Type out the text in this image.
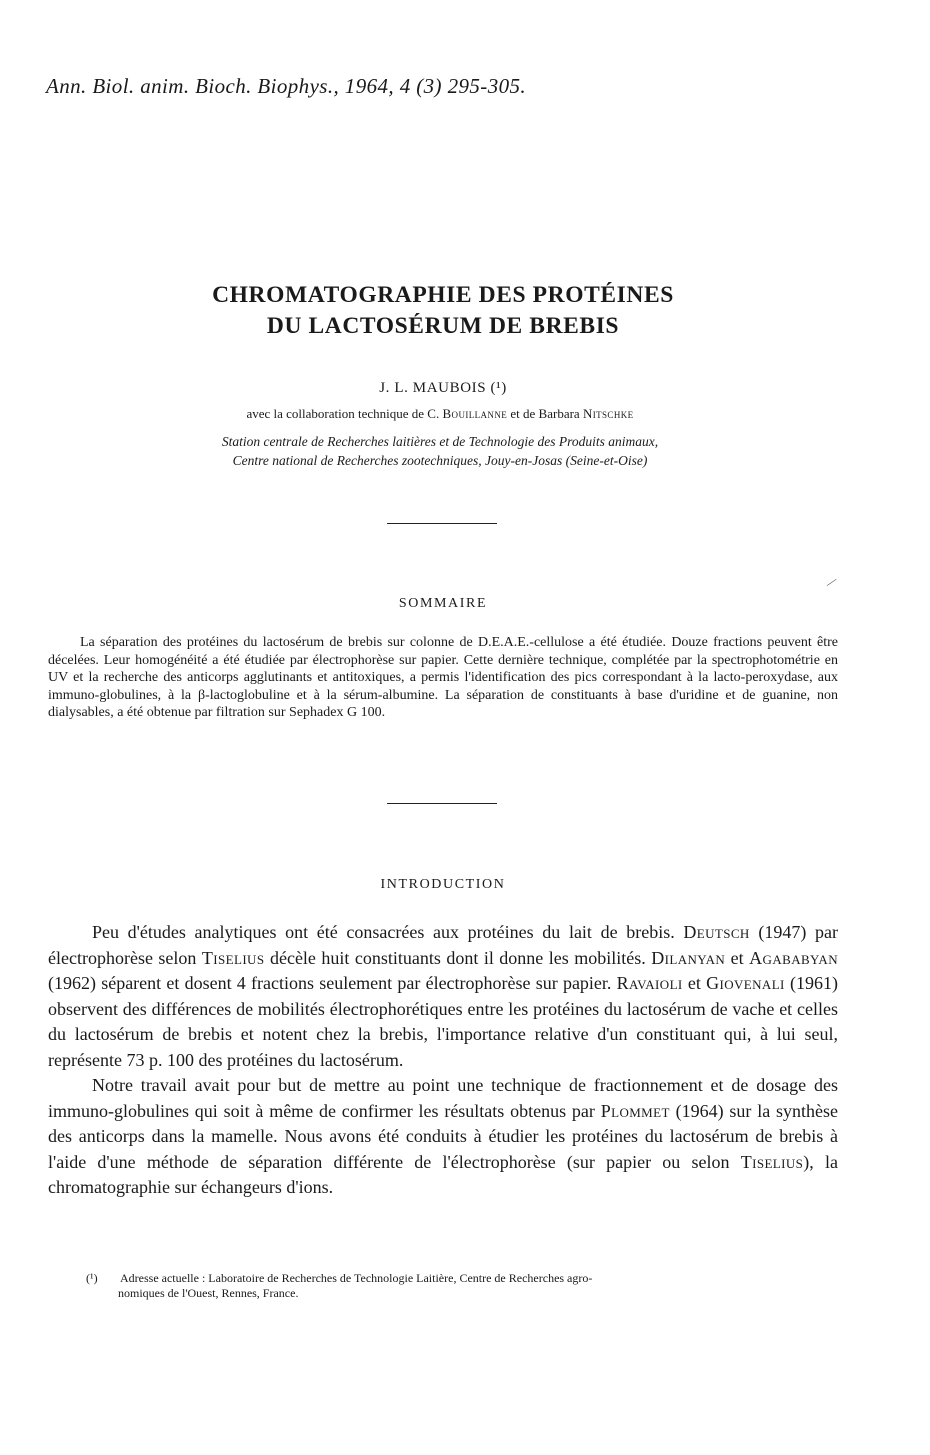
Ann. Biol. anim. Bioch. Biophys., 1964, 4 (3) 295-305.
CHROMATOGRAPHIE DES PROTÉINES
DU LACTOSÉRUM DE BREBIS
J. L. MAUBOIS (¹)
avec la collaboration technique de C. Bouillanne et de Barbara Nitschke
Station centrale de Recherches laitières et de Technologie des Produits animaux,
Centre national de Recherches zootechniques, Jouy-en-Josas (Seine-et-Oise)
⁄
SOMMAIRE

La séparation des protéines du lactosérum de brebis sur colonne de D.E.A.E.-cellulose a été étudiée. Douze fractions peuvent être décelées. Leur homogénéité a été étudiée par électrophorèse sur papier. Cette dernière technique, complétée par la spectrophotométrie en UV et la recherche des anticorps agglutinants et antitoxiques, a permis l'identification des pics correspondant à la lacto-peroxydase, aux immuno-globulines, à la β-lactoglobuline et à la sérum-albumine. La séparation de constituants à base d'uridine et de guanine, non dialysables, a été obtenue par filtration sur Sephadex G 100.

INTRODUCTION

Peu d'études analytiques ont été consacrées aux protéines du lait de brebis. Deutsch (1947) par électrophorèse selon Tiselius décèle huit constituants dont il donne les mobilités. Dilanyan et Agababyan (1962) séparent et dosent 4 fractions seulement par électrophorèse sur papier. Ravaioli et Giovenali (1961) observent des différences de mobilités électrophorétiques entre les protéines du lactosérum de vache et celles du lactosérum de brebis et notent chez la brebis, l'importance relative d'un constituant qui, à lui seul, représente 73 p. 100 des protéines du lactosérum.

Notre travail avait pour but de mettre au point une technique de fractionnement et de dosage des immuno-globulines qui soit à même de confirmer les résultats obtenus par Plommet (1964) sur la synthèse des anticorps dans la mamelle. Nous avons été conduits à étudier les protéines du lactosérum de brebis à l'aide d'une méthode de séparation différente de l'électrophorèse (sur papier ou selon Tiselius), la chromatographie sur échangeurs d'ions.

(¹) Adresse actuelle : Laboratoire de Recherches de Technologie Laitière, Centre de Recherches agro-
nomiques de l'Ouest, Rennes, France.
